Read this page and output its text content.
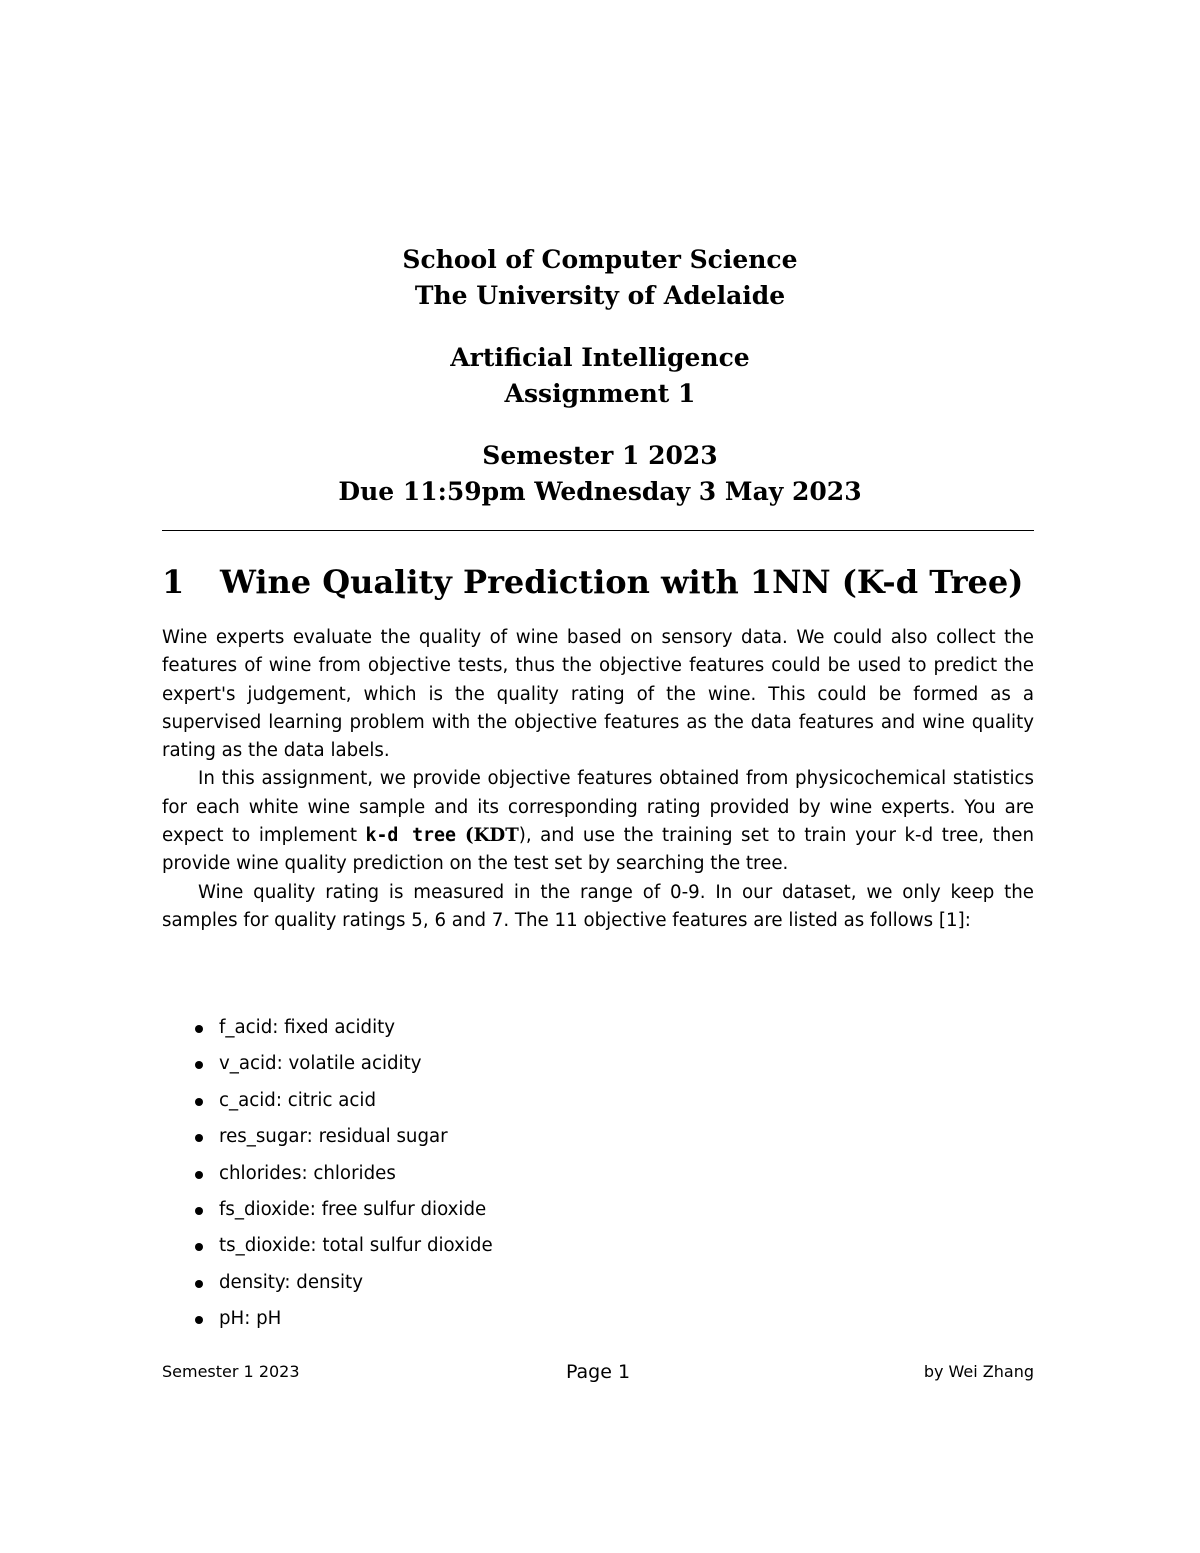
School of Computer Science
The University of Adelaide
Artificial Intelligence
Assignment 1
Semester 1 2023
Due 11:59pm Wednesday 3 May 2023
1 Wine Quality Prediction with 1NN (K-d Tree)

Wine experts evaluate the quality of wine based on sensory data. We could also collect the features of wine from objective tests, thus the objective features could be used to predict the expert's judgement, which is the quality rating of the wine. This could be formed as a supervised learning problem with the objective features as the data features and wine quality rating as the data labels.

In this assignment, we provide objective features obtained from physicochemical statistics for each white wine sample and its corresponding rating provided by wine experts. You are expect to implement k-d tree (KDT), and use the training set to train your k-d tree, then provide wine quality prediction on the test set by searching the tree.

Wine quality rating is measured in the range of 0-9. In our dataset, we only keep the samples for quality ratings 5, 6 and 7. The 11 objective features are listed as follows [1]:

f_acid: fixed acidity
v_acid: volatile acidity
c_acid: citric acid
res_sugar: residual sugar
chlorides: chlorides
fs_dioxide: free sulfur dioxide
ts_dioxide: total sulfur dioxide
density: density
pH: pH
Semester 1 2023	Page 1	by Wei Zhang
